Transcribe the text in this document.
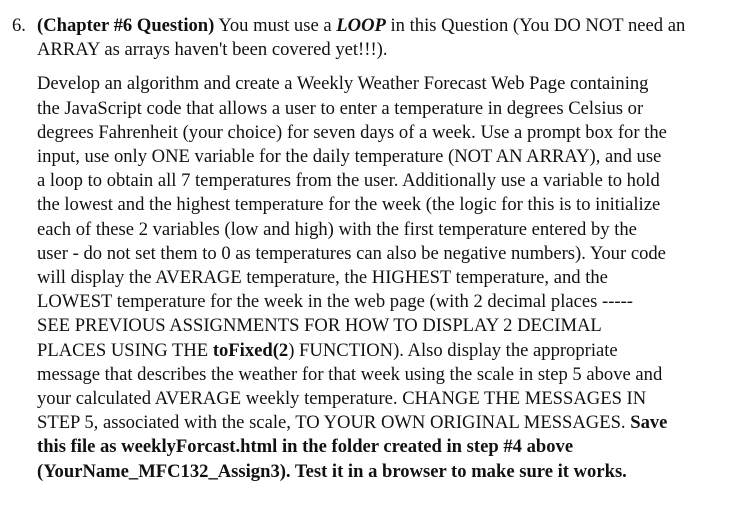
6. (Chapter #6 Question) You must use a LOOP in this Question (You DO NOT need an
ARRAY as arrays haven't been covered yet!!!).

Develop an algorithm and create a Weekly Weather Forecast Web Page containing
the JavaScript code that allows a user to enter a temperature in degrees Celsius or
degrees Fahrenheit (your choice) for seven days of a week. Use a prompt box for the
input, use only ONE variable for the daily temperature (NOT AN ARRAY), and use
a loop to obtain all 7 temperatures from the user. Additionally use a variable to hold
the lowest and the highest temperature for the week (the logic for this is to initialize
each of these 2 variables (low and high) with the first temperature entered by the
user - do not set them to 0 as temperatures can also be negative numbers). Your code
will display the AVERAGE temperature, the HIGHEST temperature, and the
LOWEST temperature for the week in the web page (with 2 decimal places -----
SEE PREVIOUS ASSIGNMENTS FOR HOW TO DISPLAY 2 DECIMAL
PLACES USING THE toFixed(2) FUNCTION). Also display the appropriate
message that describes the weather for that week using the scale in step 5 above and
your calculated AVERAGE weekly temperature. CHANGE THE MESSAGES IN
STEP 5, associated with the scale, TO YOUR OWN ORIGINAL MESSAGES. Save
this file as weeklyForcast.html in the folder created in step #4 above
(YourName_MFC132_Assign3). Test it in a browser to make sure it works.
